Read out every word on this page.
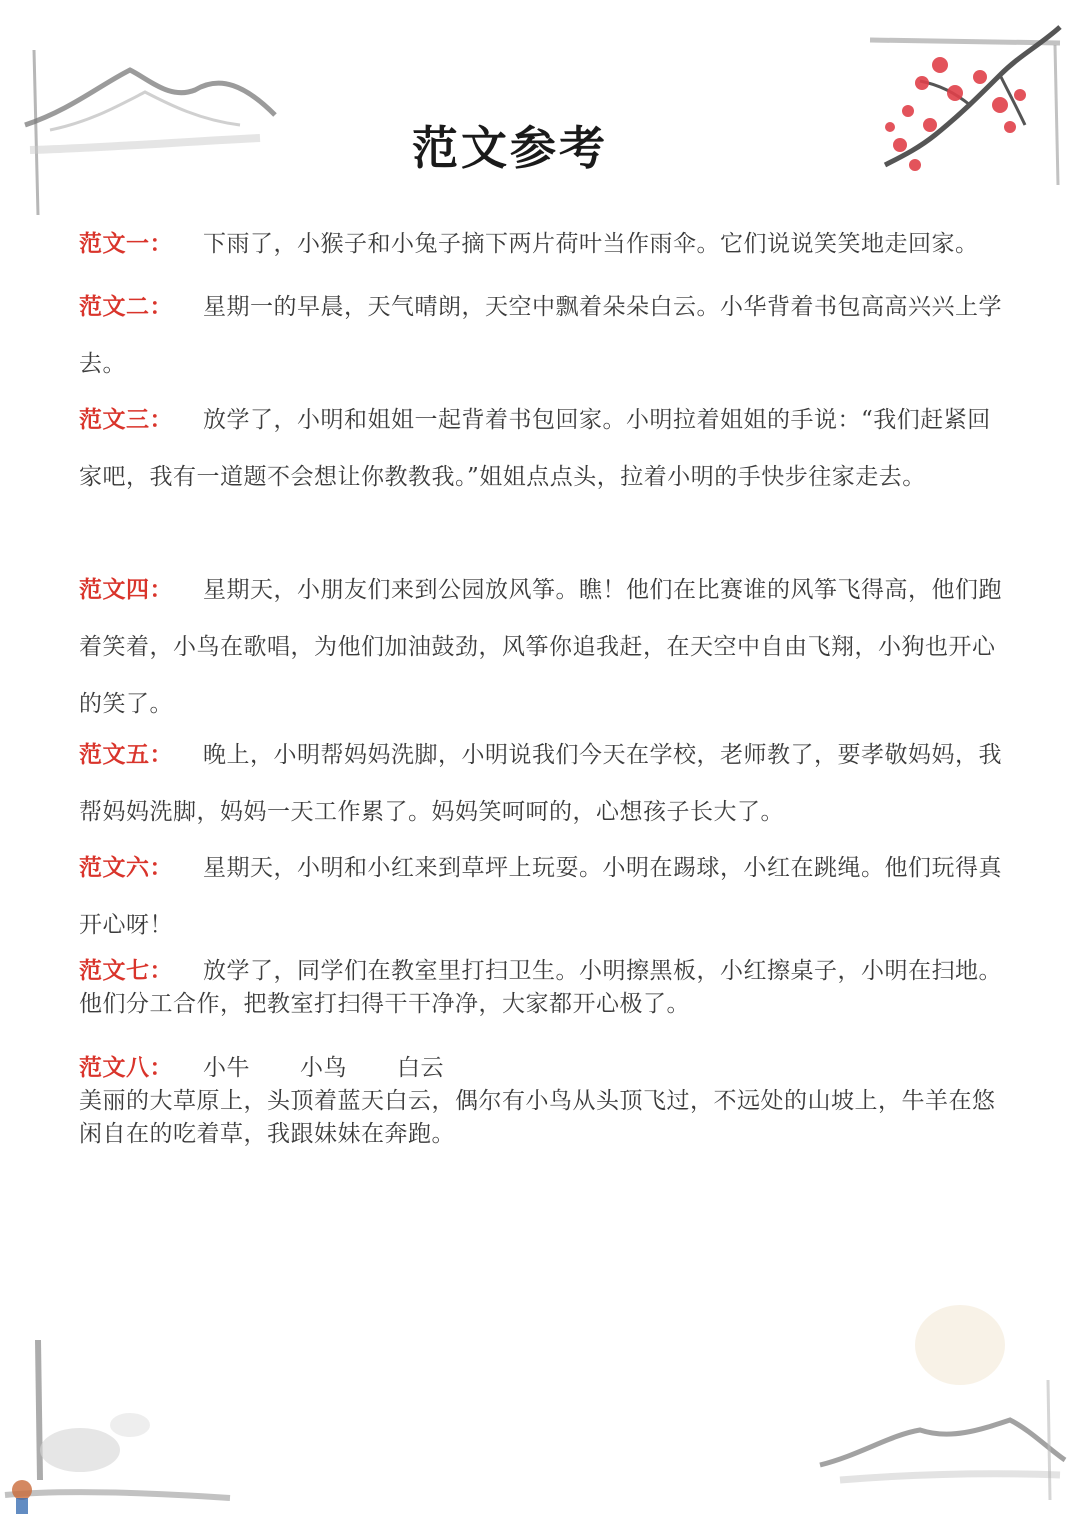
范文参考
范文一： 下雨了，小猴子和小兔子摘下两片荷叶当作雨伞。它们说说笑笑地走回家。
范文二： 星期一的早晨，天气晴朗，天空中飘着朵朵白云。小华背着书包高高兴兴上学去。
范文三： 放学了，小明和姐姐一起背着书包回家。小明拉着姐姐的手说：“我们赶紧回家吧，我有一道题不会想让你教教我。”姐姐点点头，拉着小明的手快步往家走去。
范文四： 星期天，小朋友们来到公园放风筝。瞧！他们在比赛谁的风筝飞得高，他们跑着笑着，小鸟在歌唱，为他们加油鼓劲，风筝你追我赶，在天空中自由飞翔，小狗也开心的笑了。
范文五： 晚上，小明帮妈妈洗脚，小明说我们今天在学校，老师教了，要孝敬妈妈，我帮妈妈洗脚，妈妈一天工作累了。妈妈笑呵呵的，心想孩子长大了。
范文六： 星期天，小明和小红来到草坪上玩耍。小明在踢球，小红在跳绳。他们玩得真开心呀！
范文七： 放学了，同学们在教室里打扫卫生。小明擦黑板，小红擦桌子，小明在扫地。他们分工合作，把教室打扫得干干净净，大家都开心极了。
范文八： 小牛 小鸟 白云
美丽的大草原上，头顶着蓝天白云，偶尔有小鸟从头顶飞过，不远处的山坡上，牛羊在悠闲自在的吃着草，我跟妹妹在奔跑。
